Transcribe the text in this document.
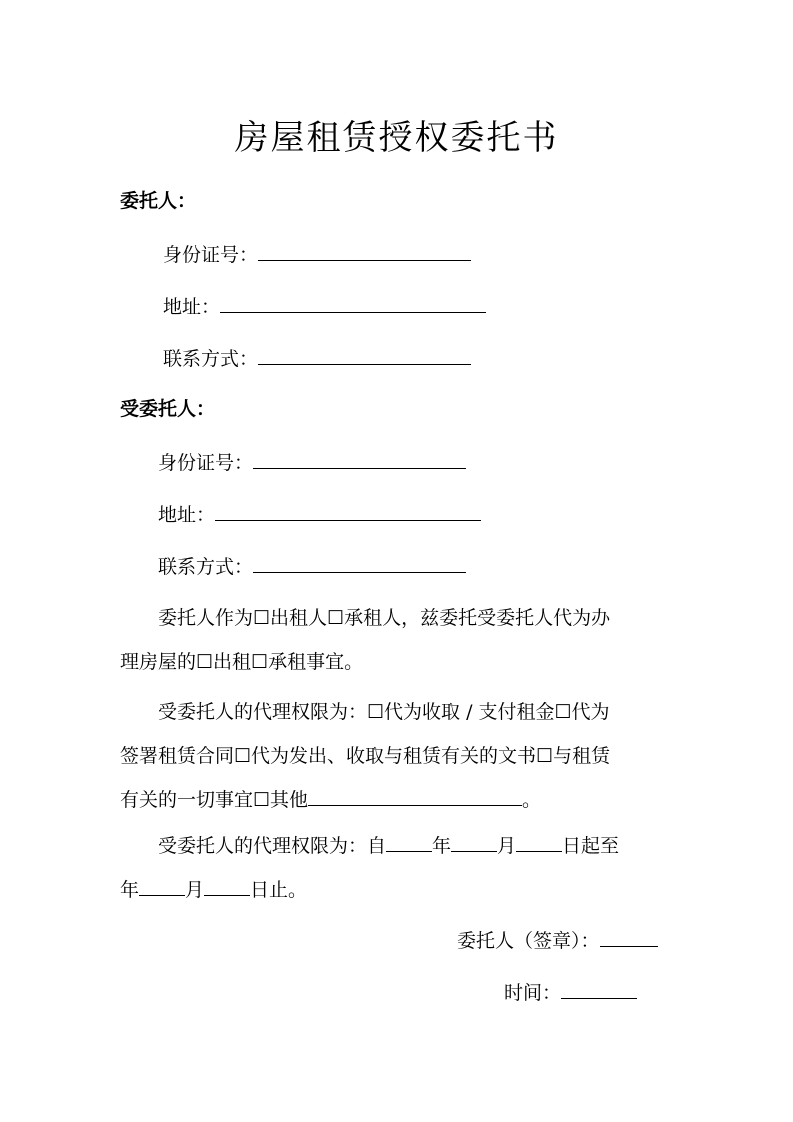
房屋租赁授权委托书
委托人：
身份证号：
地址：
联系方式：
受委托人：
身份证号：
地址：
联系方式：
委托人作为☐出租人☐承租人，兹委托受委托人代为办
理房屋的☐出租☐承租事宜。
受委托人的代理权限为：☐代为收取 / 支付租金☐代为
签署租赁合同☐代为发出、收取与租赁有关的文书☐与租赁
有关的一切事宜☐其他	。
受委托人的代理权限为：自 年 月 日起至
年 月 日止。
委托人（签章）：
时间：
